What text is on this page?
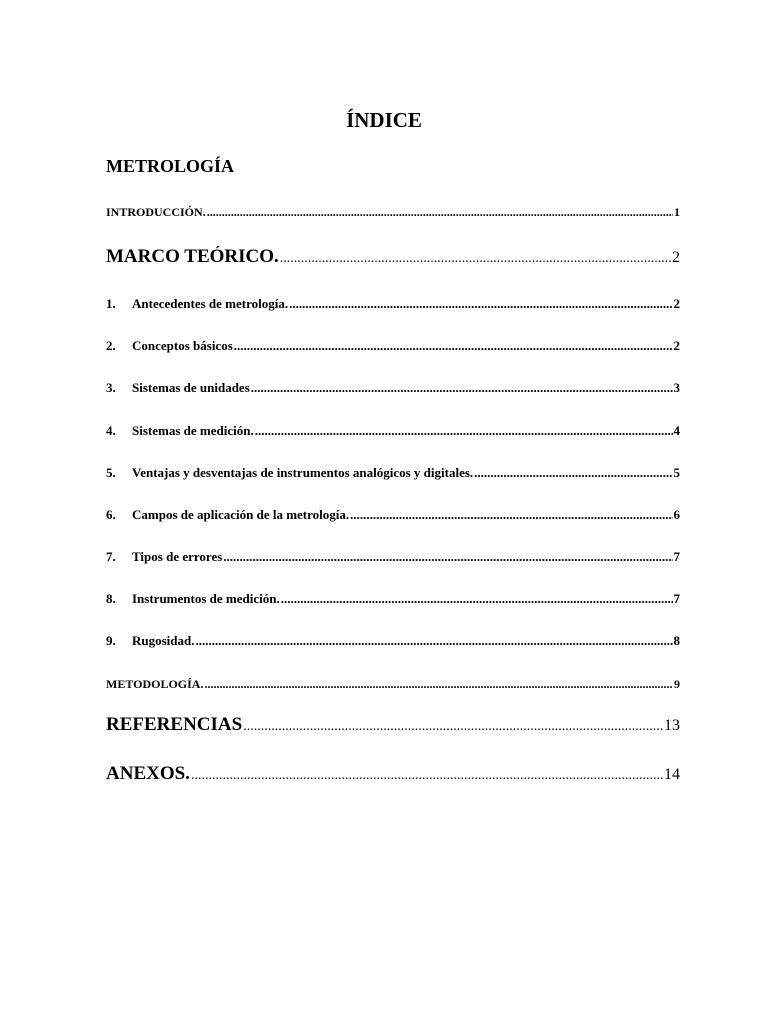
ÍNDICE
METROLOGÍA
INTRODUCCIÓN. .....	1
MARCO TEÓRICO. .....	2
1.	Antecedentes de metrología. .....	2
2.	Conceptos básicos .....	2
3.	Sistemas de unidades .....	3
4.	Sistemas de medición. .....	4
5.	Ventajas y desventajas de instrumentos analógicos y digitales. .....	5
6.	Campos de aplicación de la metrología. .....	6
7.	Tipos de errores .....	7
8.	Instrumentos de medición. .....	7
9.	Rugosidad. .....	8
METODOLOGÍA. .....	9
REFERENCIAS .....	13
ANEXOS. .....	14
